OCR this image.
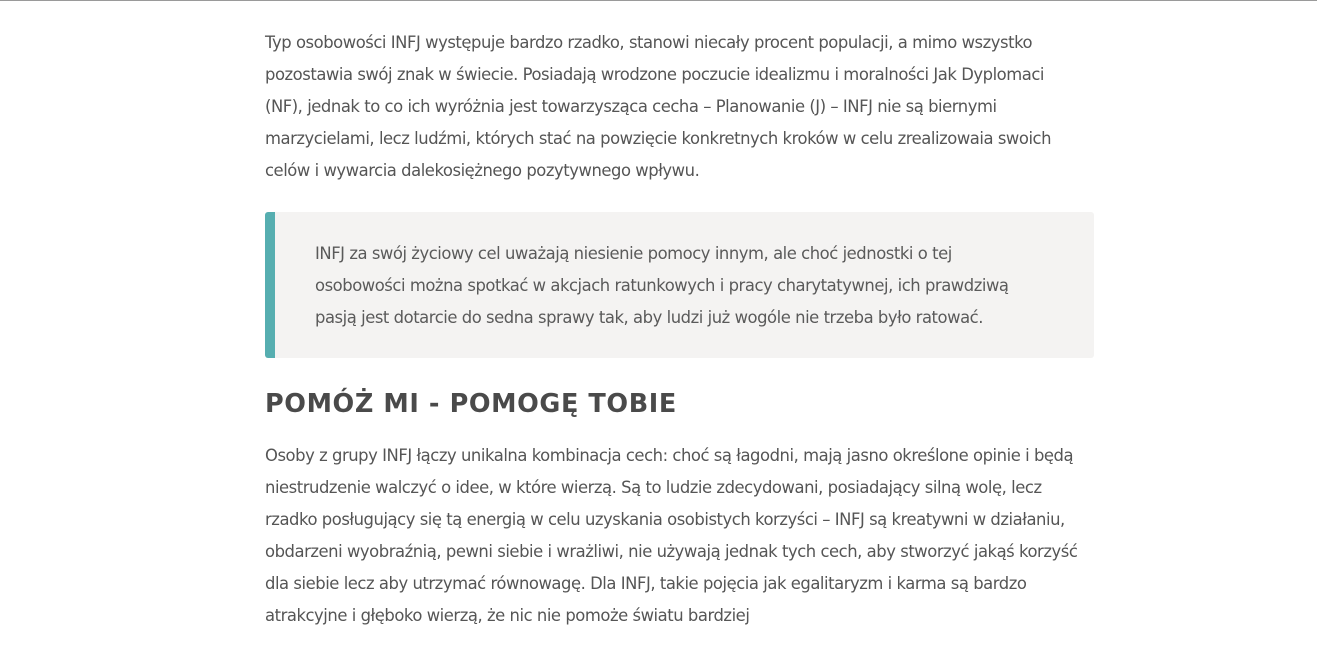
Typ osobowości INFJ występuje bardzo rzadko, stanowi niecały procent populacji, a mimo wszystko pozostawia swój znak w świecie. Posiadają wrodzone poczucie idealizmu i moralności Jak Dyplomaci (NF), jednak to co ich wyróżnia jest towarzysząca cecha – Planowanie (J) – INFJ nie są biernymi marzycielami, lecz ludźmi, których stać na powzięcie konkretnych kroków w celu zrealizowaia swoich celów i wywarcia dalekosiężnego pozytywnego wpływu.

INFJ za swój życiowy cel uważają niesienie pomocy innym, ale choć jednostki o tej osobowości można spotkać w akcjach ratunkowych i pracy charytatywnej, ich prawdziwą pasją jest dotarcie do sedna sprawy tak, aby ludzi już wogóle nie trzeba było ratować.

POMÓŻ MI - POMOGĘ TOBIE

Osoby z grupy INFJ łączy unikalna kombinacja cech: choć są łagodni, mają jasno określone opinie i będą niestrudzenie walczyć o idee, w które wierzą. Są to ludzie zdecydowani, posiadający silną wolę, lecz rzadko posługujący się tą energią w celu uzyskania osobistych korzyści – INFJ są kreatywni w działaniu, obdarzeni wyobraźnią, pewni siebie i wrażliwi, nie używają jednak tych cech, aby stworzyć jakąś korzyść dla siebie lecz aby utrzymać równowagę. Dla INFJ, takie pojęcia jak egalitaryzm i karma są bardzo atrakcyjne i głęboko wierzą, że nic nie pomoże światu bardziej
